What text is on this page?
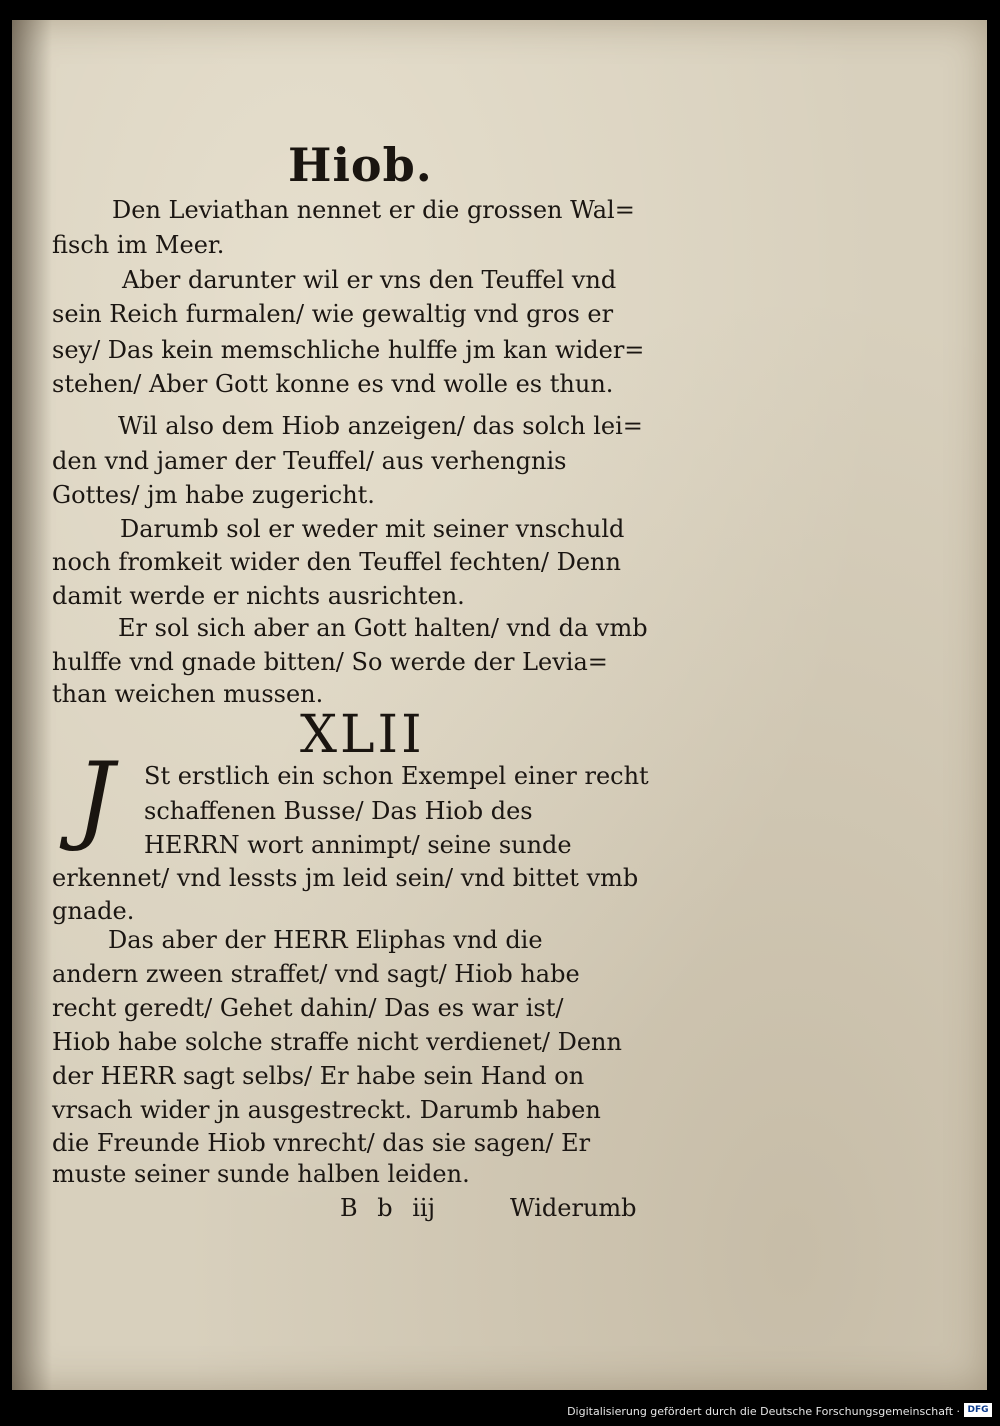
Hiob.
Den Leviathan nennet er die grossen Wal=
fisch im Meer.
Aber darunter wil er vns den Teuffel vnd
sein Reich furmalen/ wie gewaltig vnd gros er
sey/ Das kein memschliche hulffe jm kan wider=
stehen/ Aber Gott konne es vnd wolle es thun.
Wil also dem Hiob anzeigen/ das solch lei=
den vnd jamer der Teuffel/ aus verhengnis
Gottes/ jm habe zugericht.
Darumb sol er weder mit seiner vnschuld
noch fromkeit wider den Teuffel fechten/ Denn
damit werde er nichts ausrichten.
Er sol sich aber an Gott halten/ vnd da vmb
hulffe vnd gnade bitten/ So werde der Levia=
than weichen mussen.
XLII
J	St erstlich ein schon Exempel einer recht
schaffenen Busse/ Das Hiob des
HERRN wort annimpt/ seine sunde
erkennet/ vnd lessts jm leid sein/ vnd bittet vmb
gnade.
Das aber der HERR Eliphas vnd die
andern zween straffet/ vnd sagt/ Hiob habe
recht geredt/ Gehet dahin/ Das es war ist/
Hiob habe solche straffe nicht verdienet/ Denn
der HERR sagt selbs/ Er habe sein Hand on
vrsach wider jn ausgestreckt. Darumb haben
die Freunde Hiob vnrecht/ das sie sagen/ Er
muste seiner sunde halben leiden.
B b iij	Widerumb
Digitalisierung gefördert durch die Deutsche Forschungsgemeinschaft · DFG
